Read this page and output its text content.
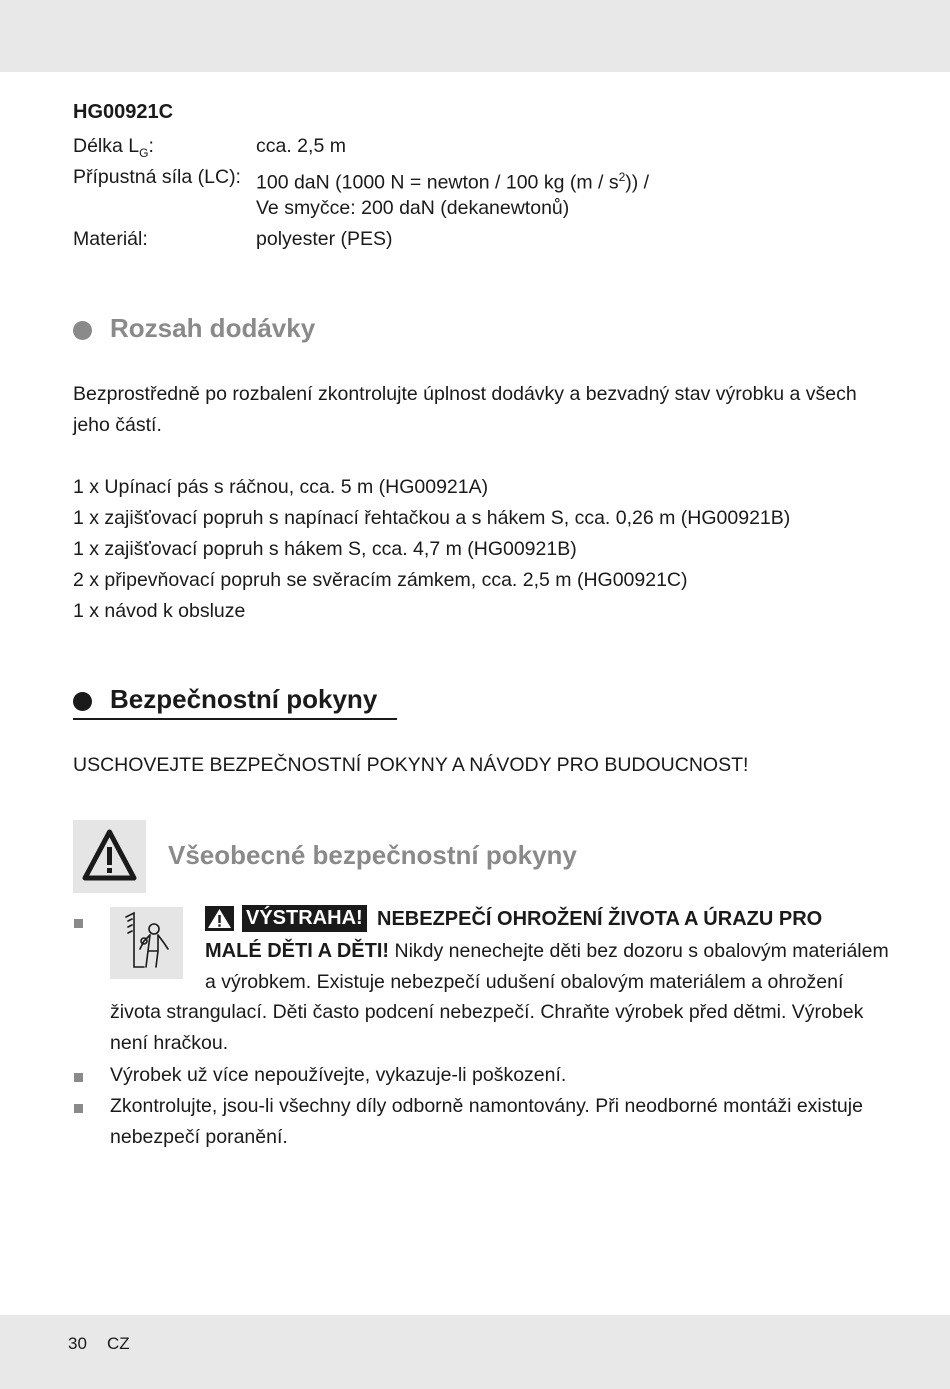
HG00921C
Délka $L_G$:	cca. 2,5 m
Přípustná síla (LC): 100 daN (1000 N = newton / 100 kg $(m / s^2)$) /
Ve smyčce: 200 daN (dekanewtonů)
Materiál:	polyester (PES)
Rozsah dodávky
Bezprostředně po rozbalení zkontrolujte úplnost dodávky a bezvadný stav výrobku a všech
jeho částí.
1 x Upínací pás s ráčnou, cca. 5 m (HG00921A)
1 x zajišťovací popruh s napínací řehtačkou a s hákem S, cca. 0,26 m (HG00921B)
1 x zajišťovací popruh s hákem S, cca. 4,7 m (HG00921B)
2 x připevňovací popruh se svěracím zámkem, cca. 2,5 m (HG00921C)
1 x návod k obsluze
Bezpečnostní pokyny
USCHOVEJTE BEZPEČNOSTNÍ POKYNY A NÁVODY PRO BUDOUCNOST!
Všeobecné bezpečnostní pokyny
VÝSTRAHA! NEBEZPEČÍ OHROŽENÍ ŽIVOTA A ÚRAZU PRO
MALÉ DĚTI A DĚTI! Nikdy nenechejte děti bez dozoru s obalovým materiálem
a výrobkem. Existuje nebezpečí udušení obalovým materiálem a ohrožení
života strangulací. Děti často podcení nebezpečí. Chraňte výrobek před dětmi. Výrobek
není hračkou.
Výrobek už více nepoužívejte, vykazuje-li poškození.
Zkontrolujte, jsou-li všechny díly odborně namontovány. Při neodborné montáži existuje
nebezpečí poranění.
30 CZ
